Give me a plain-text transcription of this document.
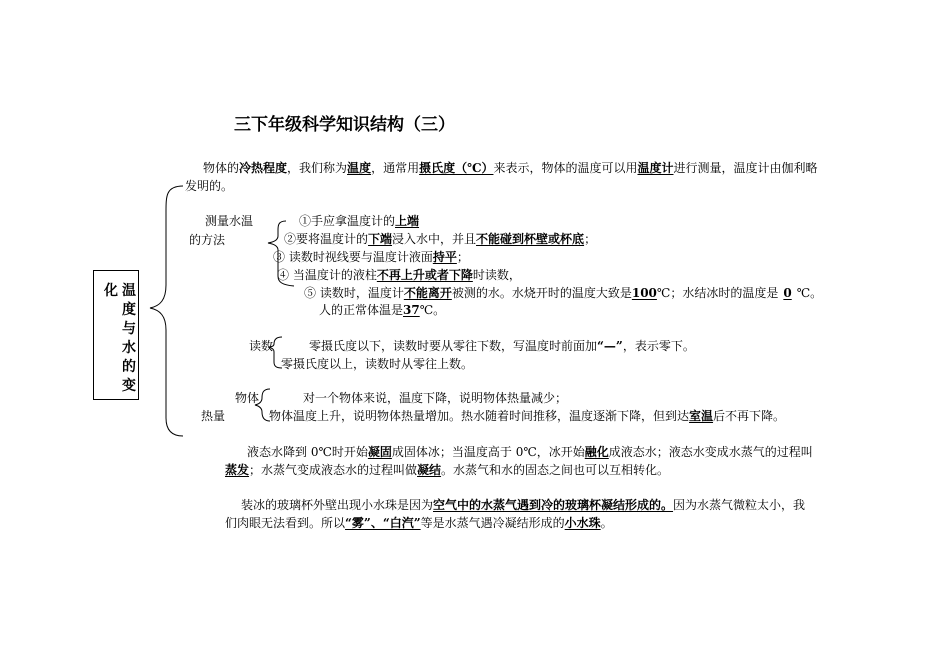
三下年级科学知识结构（三）
化 温
度
与
水
的
变
物体的冷热程度，我们称为温度，通常用摄氏度（℃）来表示，物体的温度可以用温度计进行测量，温度计由伽利略
发明的。
测量水温
的方法
①手应拿温度计的上端
②要将温度计的下端浸入水中，并且不能碰到杯壁或杯底；
③ 读数时视线要与温度计液面持平；
④ 当温度计的液柱不再上升或者下降时读数，
⑤ 读数时，温度计不能离开被测的水。水烧开时的温度大致是100℃；水结冰时的温度是 0 ℃。
人的正常体温是37℃。
读数	零摄氏度以下，读数时要从零往下数，写温度时前面加“—”，表示零下。
零摄氏度以上，读数时从零往上数。
物体
热量
对一个物体来说，温度下降，说明物体热量减少；
物体温度上升，说明物体热量增加。热水随着时间推移，温度逐渐下降，但到达室温后不再下降。
液态水降到 0℃时开始凝固成固体冰；当温度高于 0℃，冰开始融化成液态水；液态水变成水蒸气的过程叫
蒸发；水蒸气变成液态水的过程叫做凝结。水蒸气和水的固态之间也可以互相转化。
装冰的玻璃杯外壁出现小水珠是因为空气中的水蒸气遇到冷的玻璃杯凝结形成的。因为水蒸气微粒太小，我
们肉眼无法看到。所以“雾”、“白汽”等是水蒸气遇冷凝结形成的小水珠。
